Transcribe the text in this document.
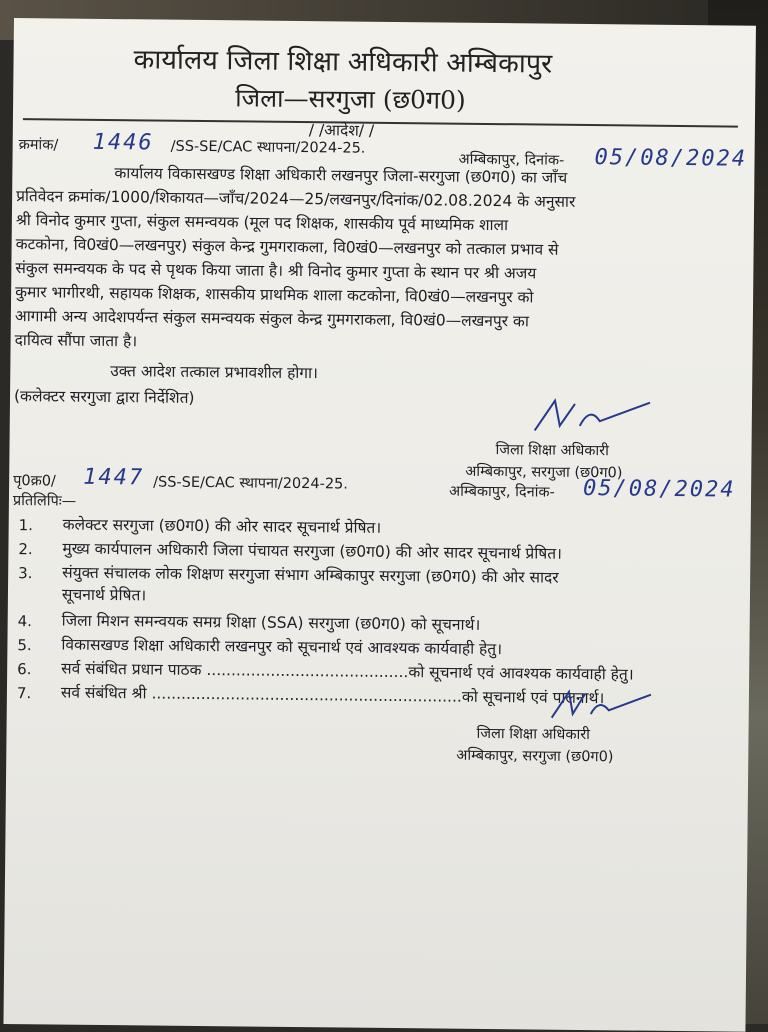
कार्यालय जिला शिक्षा अधिकारी अम्बिकापुर
जिला—सरगुजा (छ0ग0)
/ /आदेश/ /
क्रमांक/ 1446 /SS-SE/CAC स्थापना/2024-25.
अम्बिकापुर, दिनांक- 05/08/2024
कार्यालय विकासखण्ड शिक्षा अधिकारी लखनपुर जिला-सरगुजा (छ0ग0) का जाँच
प्रतिवेदन क्रमांक/1000/शिकायत—जाँच/2024—25/लखनपुर/दिनांक/02.08.2024 के अनुसार
श्री विनोद कुमार गुप्ता, संकुल समन्वयक (मूल पद शिक्षक, शासकीय पूर्व माध्यमिक शाला
कटकोना, वि0खं0—लखनपुर) संकुल केन्द्र गुमगराकला, वि0खं0—लखनपुर को तत्काल प्रभाव से
संकुल समन्वयक के पद से पृथक किया जाता है। श्री विनोद कुमार गुप्ता के स्थान पर श्री अजय
कुमार भागीरथी, सहायक शिक्षक, शासकीय प्राथमिक शाला कटकोना, वि0खं0—लखनपुर को
आगामी अन्य आदेशपर्यन्त संकुल समन्वयक संकुल केन्द्र गुमगराकला, वि0खं0—लखनपुर का
दायित्व सौंपा जाता है।
उक्त आदेश तत्काल प्रभावशील होगा।
(कलेक्टर सरगुजा द्वारा निर्देशित)
जिला शिक्षा अधिकारी
अम्बिकापुर, सरगुजा (छ0ग0)
पृ0क्र0/ 1447 /SS-SE/CAC स्थापना/2024-25.	अम्बिकापुर, दिनांक- 05/08/2024
प्रतिलिपिः—
1. कलेक्टर सरगुजा (छ0ग0) की ओर सादर सूचनार्थ प्रेषित।
2. मुख्य कार्यपालन अधिकारी जिला पंचायत सरगुजा (छ0ग0) की ओर सादर सूचनार्थ प्रेषित।
3. संयुक्त संचालक लोक शिक्षण सरगुजा संभाग अम्बिकापुर सरगुजा (छ0ग0) की ओर सादर
सूचनार्थ प्रेषित।
4. जिला मिशन समन्वयक समग्र शिक्षा (SSA) सरगुजा (छ0ग0) को सूचनार्थ।
5. विकासखण्ड शिक्षा अधिकारी लखनपुर को सूचनार्थ एवं आवश्यक कार्यवाही हेतु।
6. सर्व संबंधित प्रधान पाठक .........................................को सूचनार्थ एवं आवश्यक कार्यवाही हेतु।
7. सर्व संबंधित श्री ...............................................................को सूचनार्थ एवं पालनार्थ।
जिला शिक्षा अधिकारी
अम्बिकापुर, सरगुजा (छ0ग0)
